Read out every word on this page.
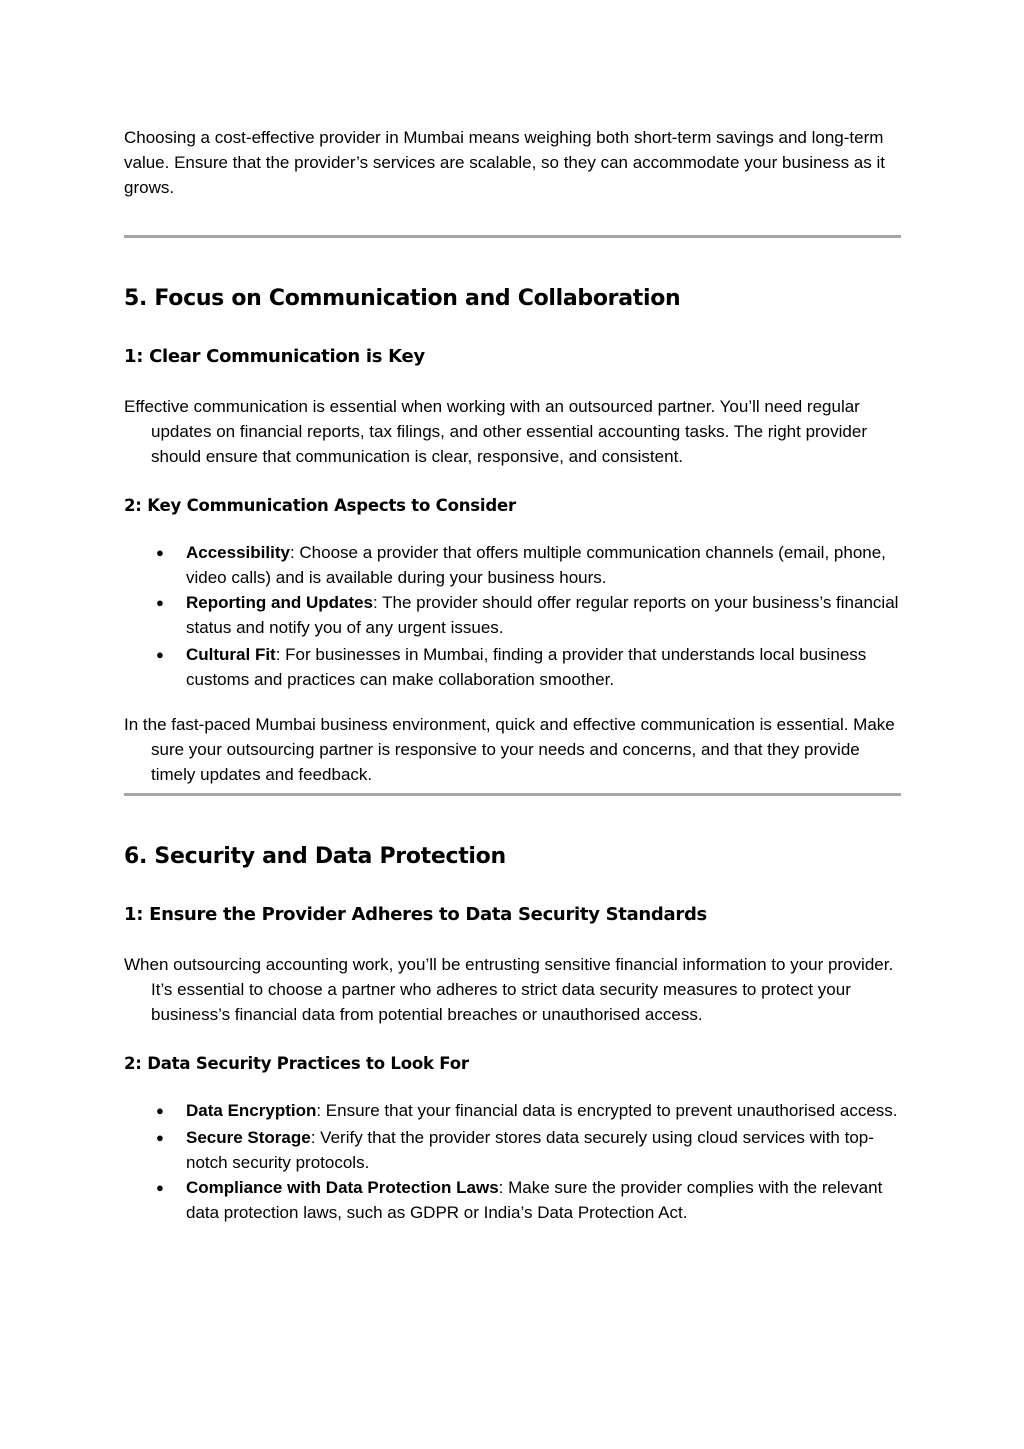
Choosing a cost-effective provider in Mumbai means weighing both short-term savings and long-term value. Ensure that the provider’s services are scalable, so they can accommodate your business as it grows.

5. Focus on Communication and Collaboration
1: Clear Communication is Key

Effective communication is essential when working with an outsourced partner. You’ll need regular updates on financial reports, tax filings, and other essential accounting tasks. The right provider should ensure that communication is clear, responsive, and consistent.

2: Key Communication Aspects to Consider
● Accessibility: Choose a provider that offers multiple communication channels (email, phone, video calls) and is available during your business hours.
● Reporting and Updates: The provider should offer regular reports on your business’s financial status and notify you of any urgent issues.
● Cultural Fit: For businesses in Mumbai, finding a provider that understands local business customs and practices can make collaboration smoother.

In the fast-paced Mumbai business environment, quick and effective communication is essential. Make sure your outsourcing partner is responsive to your needs and concerns, and that they provide timely updates and feedback.

6. Security and Data Protection
1: Ensure the Provider Adheres to Data Security Standards

When outsourcing accounting work, you’ll be entrusting sensitive financial information to your provider. It’s essential to choose a partner who adheres to strict data security measures to protect your business’s financial data from potential breaches or unauthorised access.

2: Data Security Practices to Look For
● Data Encryption: Ensure that your financial data is encrypted to prevent unauthorised access.
● Secure Storage: Verify that the provider stores data securely using cloud services with top-notch security protocols.
● Compliance with Data Protection Laws: Make sure the provider complies with the relevant data protection laws, such as GDPR or India’s Data Protection Act.
